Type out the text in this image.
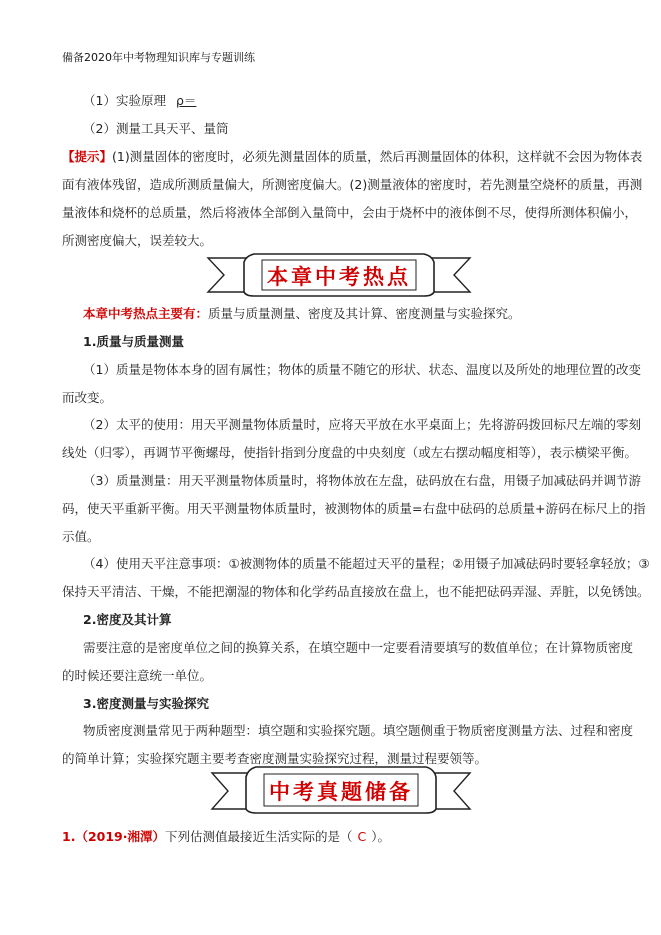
備备2020年中考物理知识库与专题训练
（1）实验原理 ρ＝
（2）测量工具天平、量筒
【提示】(1)测量固体的密度时，必须先测量固体的质量，然后再测量固体的体积，这样就不会因为物体表
面有液体残留，造成所测质量偏大，所测密度偏大。(2)测量液体的密度时，若先测量空烧杯的质量，再测
量液体和烧杯的总质量，然后将液体全部倒入量筒中，会由于烧杯中的液体倒不尽，使得所测体积偏小，
所测密度偏大，误差较大。
本章中考热点
本章中考热点主要有：质量与质量测量、密度及其计算、密度测量与实验探究。
1.质量与质量测量
（1）质量是物体本身的固有属性；物体的质量不随它的形状、状态、温度以及所处的地理位置的改变
而改变。
（2）太平的使用：用天平测量物体质量时，应将天平放在水平桌面上；先将游码拨回标尺左端的零刻
线处（归零），再调节平衡螺母，使指针指到分度盘的中央刻度（或左右摆动幅度相等），表示横梁平衡。
（3）质量测量：用天平测量物体质量时，将物体放在左盘，砝码放在右盘，用镊子加减砝码并调节游
码，使天平重新平衡。用天平测量物体质量时，被测物体的质量=右盘中砝码的总质量+游码在标尺上的指
示值。
（4）使用天平注意事项：①被测物体的质量不能超过天平的量程；②用镊子加减砝码时要轻拿轻放；③
保持天平清洁、干燥，不能把潮湿的物体和化学药品直接放在盘上，也不能把砝码弄湿、弄脏，以免锈蚀。
2.密度及其计算
需要注意的是密度单位之间的换算关系，在填空题中一定要看清要填写的数值单位；在计算物质密度
的时候还要注意统一单位。
3.密度测量与实验探究
物质密度测量常见于两种题型：填空题和实验探究题。填空题侧重于物质密度测量方法、过程和密度
的简单计算；实验探究题主要考查密度测量实验探究过程，测量过程要领等。
中考真题储备
1.（2019·湘潭）下列估测值最接近生活实际的是（ C ）。
